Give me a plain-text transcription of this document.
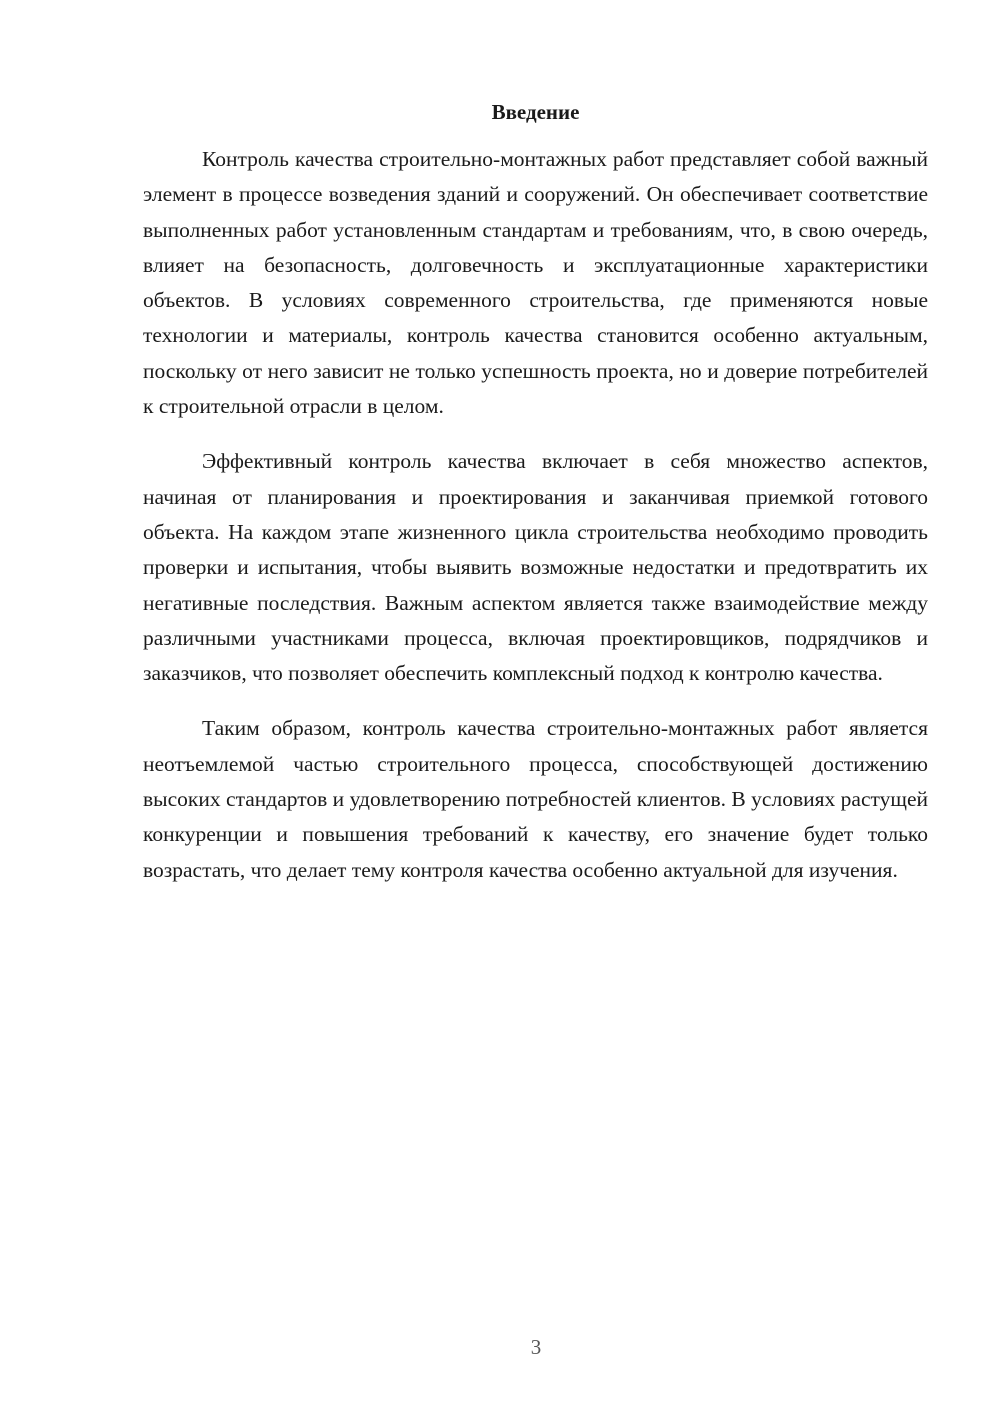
Введение

Контроль качества строительно-монтажных работ представляет собой важный элемент в процессе возведения зданий и сооружений. Он обеспечивает соответствие выполненных работ установленным стандартам и требованиям, что, в свою очередь, влияет на безопасность, долговечность и эксплуатационные характеристики объектов. В условиях современного строительства, где применяются новые технологии и материалы, контроль качества становится особенно актуальным, поскольку от него зависит не только успешность проекта, но и доверие потребителей к строительной отрасли в целом.

Эффективный контроль качества включает в себя множество аспектов, начиная от планирования и проектирования и заканчивая приемкой готового объекта. На каждом этапе жизненного цикла строительства необходимо проводить проверки и испытания, чтобы выявить возможные недостатки и предотвратить их негативные последствия. Важным аспектом является также взаимодействие между различными участниками процесса, включая проектировщиков, подрядчиков и заказчиков, что позволяет обеспечить комплексный подход к контролю качества.

Таким образом, контроль качества строительно-монтажных работ является неотъемлемой частью строительного процесса, способствующей достижению высоких стандартов и удовлетворению потребностей клиентов. В условиях растущей конкуренции и повышения требований к качеству, его значение будет только возрастать, что делает тему контроля качества особенно актуальной для изучения.

3
